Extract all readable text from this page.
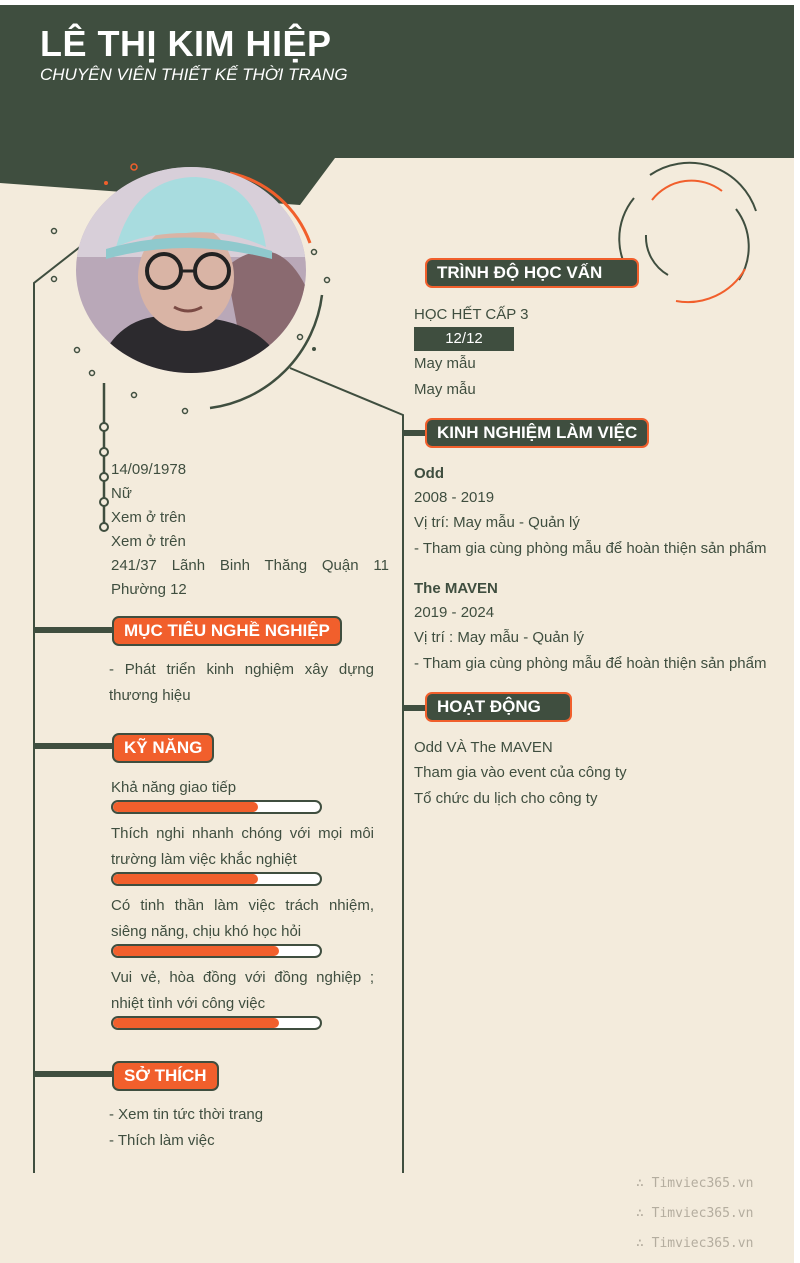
LÊ THỊ KIM HIỆP
CHUYÊN VIÊN THIẾT KẾ THỜI TRANG
14/09/1978
Nữ
Xem ở trên
Xem ở trên
241/37 Lãnh Binh Thăng Quận 11 Phường 12
MỤC TIÊU NGHỀ NGHIỆP
- Phát triển kinh nghiệm xây dựng thương hiệu
KỸ NĂNG
Khả năng giao tiếp
Thích nghi nhanh chóng với mọi môi trường làm việc khắc nghiệt
Có tinh thần làm việc trách nhiệm, siêng năng, chịu khó học hỏi
Vui vẻ, hòa đồng với đồng nghiệp ; nhiệt tình với công việc
SỞ THÍCH
- Xem tin tức thời trang
- Thích làm việc
TRÌNH ĐỘ HỌC VẤN
HỌC HẾT CẤP 3
12/12
May mẫu
May mẫu
KINH NGHIỆM LÀM VIỆC
Odd
2008 - 2019
Vị trí: May mẫu - Quản lý
- Tham gia cùng phòng mẫu để hoàn thiện sản phẩm
The MAVEN
2019 - 2024
Vị trí : May mẫu - Quản lý
- Tham gia cùng phòng mẫu để hoàn thiện sản phẩm
HOẠT ĐỘNG
Odd VÀ The MAVEN
Tham gia vào event của công ty
Tổ chức du lịch cho công ty
∴ Timviec365.vn
∴ Timviec365.vn
∴ Timviec365.vn
